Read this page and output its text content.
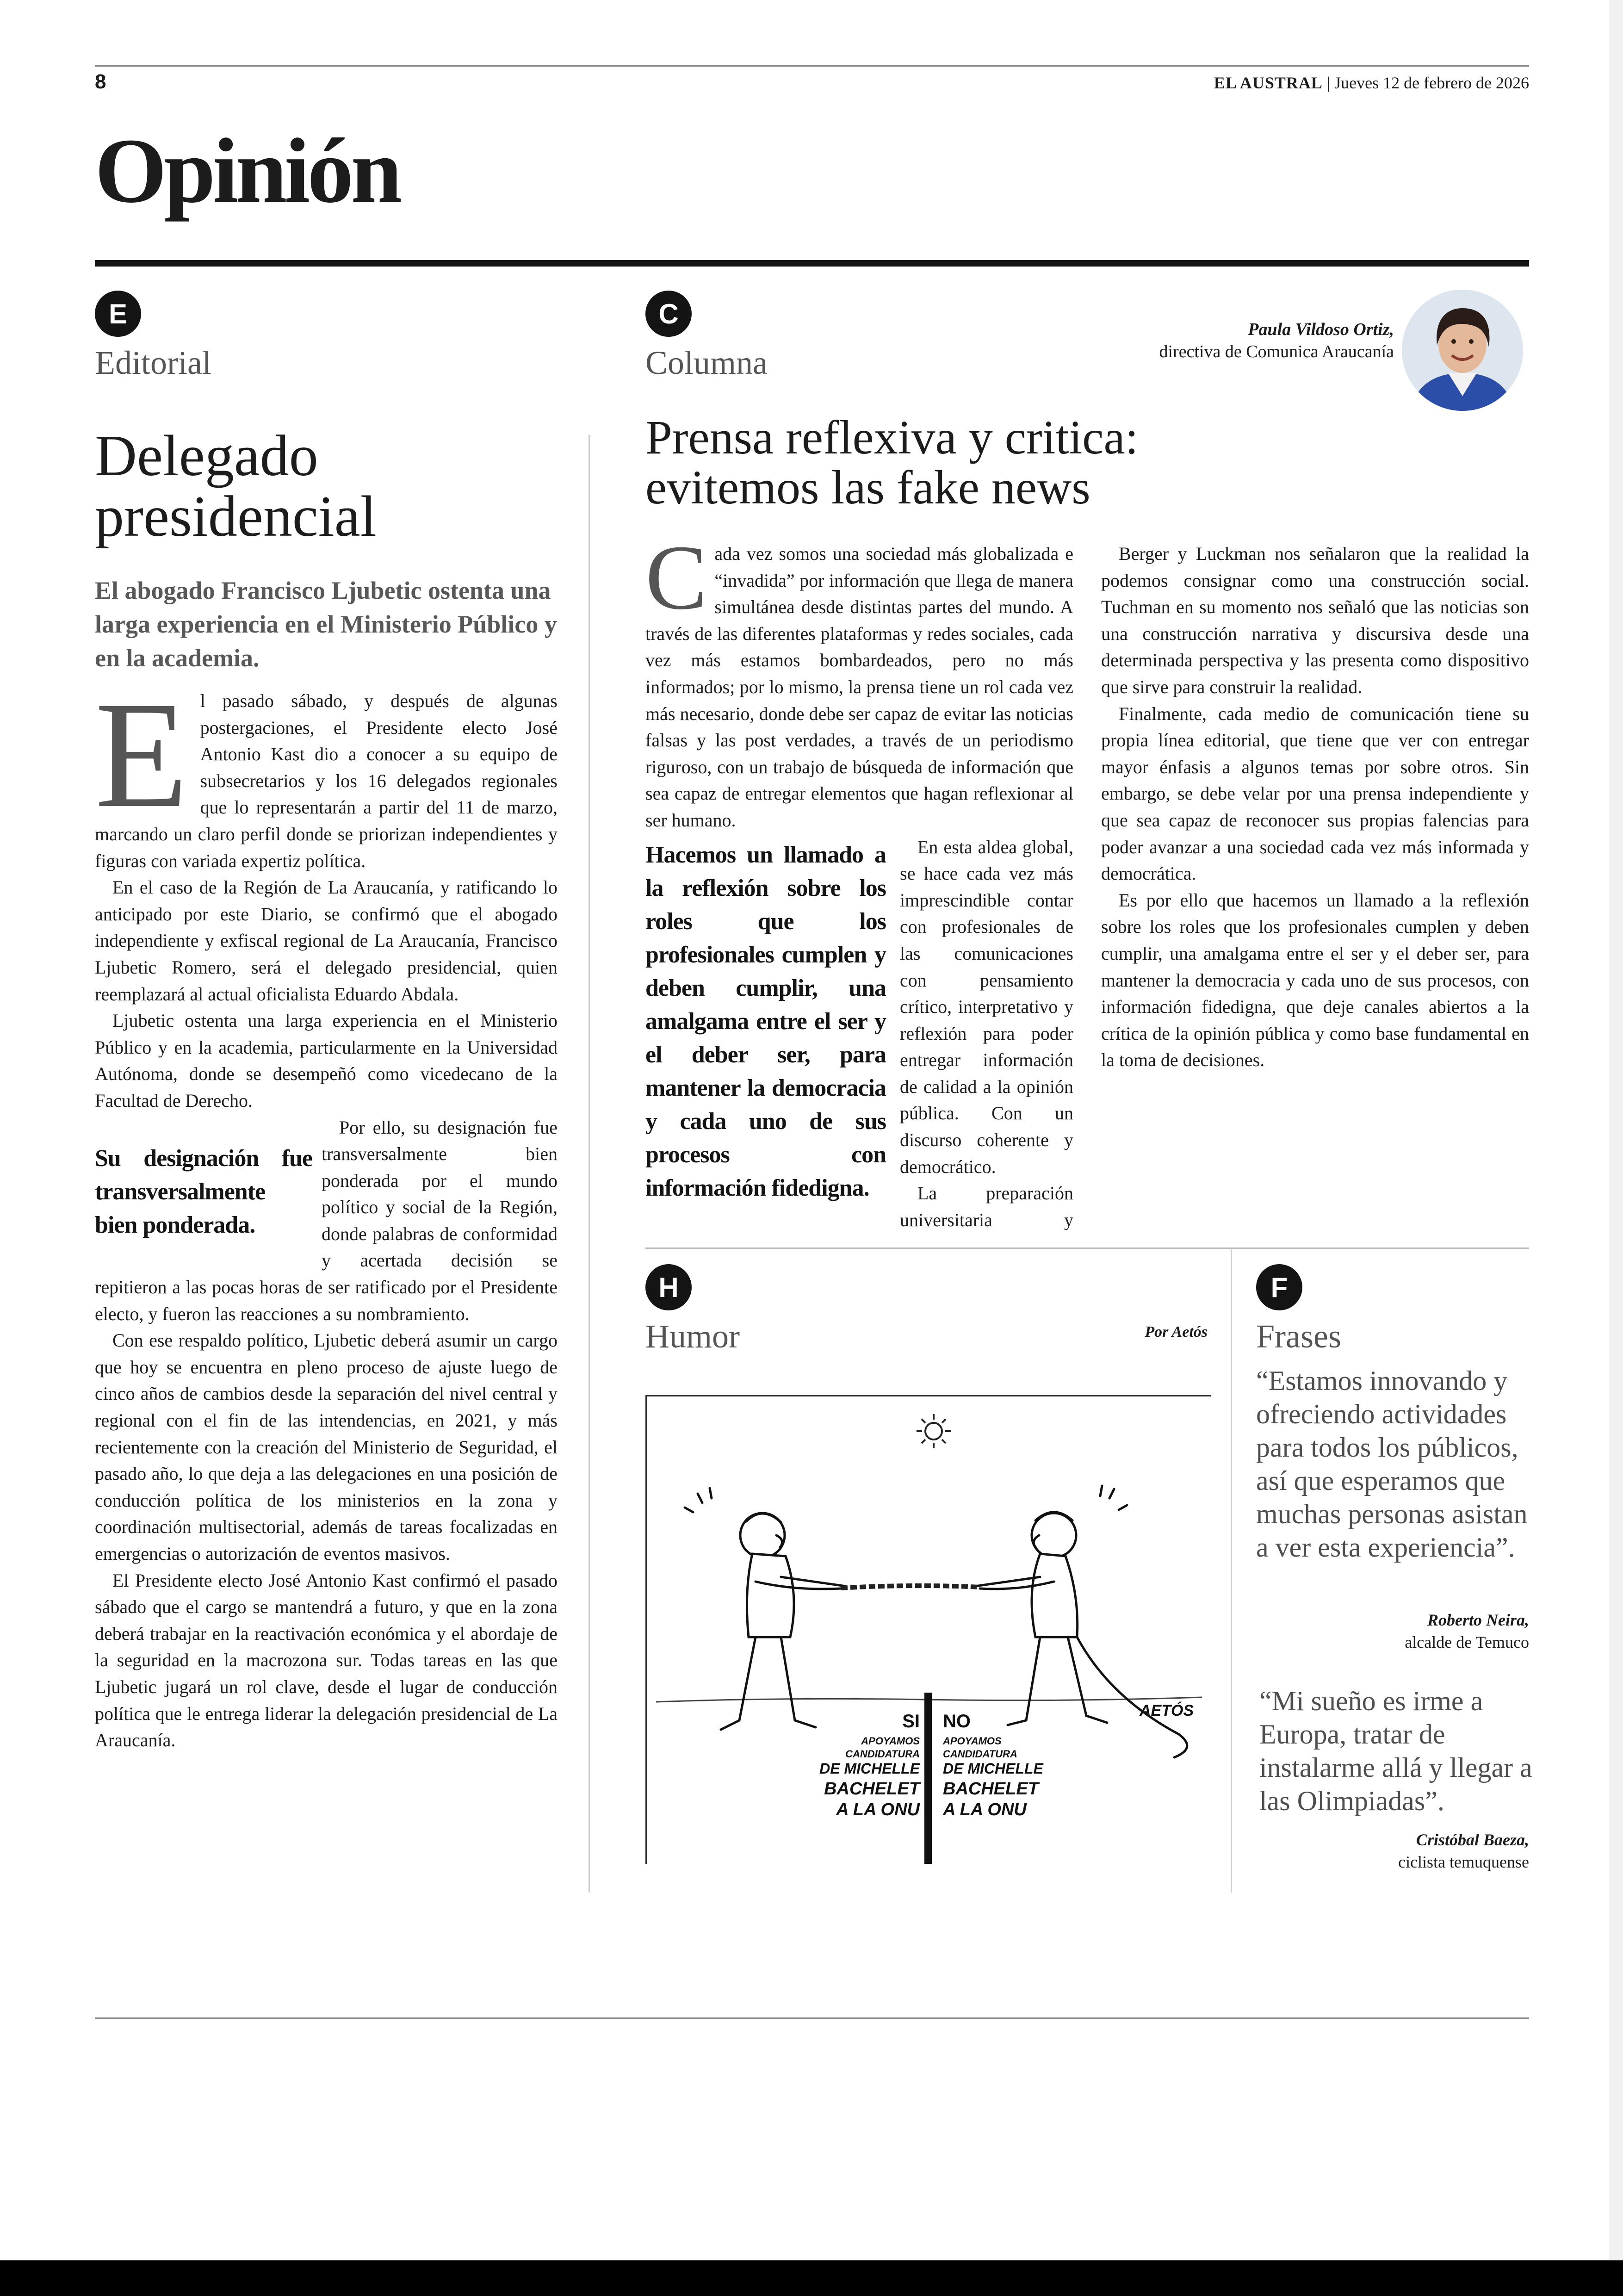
8	EL AUSTRAL | Jueves 12 de febrero de 2026
Opinión
E
Editorial
Delegado
presidencial
El abogado Francisco Ljubetic ostenta una larga experiencia en el Ministerio Público y en la academia.

El pasado sábado, y después de algunas postergaciones, el Presidente electo José Antonio Kast dio a conocer a su equipo de subsecretarios y los 16 delegados regionales que lo representarán a partir del 11 de marzo, marcando un claro perfil donde se priorizan independientes y figuras con variada expertiz política.

En el caso de la Región de La Araucanía, y ratificando lo anticipado por este Diario, se confirmó que el abogado independiente y exfiscal regional de La Araucanía, Francisco Ljubetic Romero, será el delegado presidencial, quien reemplazará al actual oficialista Eduardo Abdala.

Ljubetic ostenta una larga experiencia en el Ministerio Público y en la academia, particularmente en la Universidad Autónoma, donde se desempeñó como vicedecano de la Facultad de Derecho.

Su designación fue transversalmente bien ponderada.

Por ello, su designación fue transversalmente bien ponderada por el mundo político y social de la Región, donde palabras de conformidad y acertada decisión se repitieron a las pocas horas de ser ratificado por el Presidente electo, y fueron las reacciones a su nombramiento.

Con ese respaldo político, Ljubetic deberá asumir un cargo que hoy se encuentra en pleno proceso de ajuste luego de cinco años de cambios desde la separación del nivel central y regional con el fin de las intendencias, en 2021, y más recientemente con la creación del Ministerio de Seguridad, el pasado año, lo que deja a las delegaciones en una posición de conducción política de los ministerios en la zona y coordinación multisectorial, además de tareas focalizadas en emergencias o autorización de eventos masivos.

El Presidente electo José Antonio Kast confirmó el pasado sábado que el cargo se mantendrá a futuro, y que en la zona deberá trabajar en la reactivación económica y el abordaje de la seguridad en la macrozona sur. Todas tareas en las que Ljubetic jugará un rol clave, desde el lugar de conducción política que le entrega liderar la delegación presidencial de La Araucanía.

C
Columna
Paula Vildoso Ortiz,
directiva de Comunica Araucanía
Prensa reflexiva y critica:
evitemos las fake news

Cada vez somos una sociedad más globalizada e “invadida” por información que llega de manera simultánea desde distintas partes del mundo. A través de las diferentes plataformas y redes sociales, cada vez más estamos bombardeados, pero no más informados; por lo mismo, la prensa tiene un rol cada vez más necesario, donde debe ser capaz de evitar las noticias falsas y las post verdades, a través de un periodismo riguroso, con un trabajo de búsqueda de información que sea capaz de entregar elementos que hagan reflexionar al ser humano.

Hacemos un llamado a la reflexión sobre los roles que los profesionales cumplen y deben cumplir, una amalgama entre el ser y el deber ser, para mantener la democracia y cada uno de sus procesos con información fidedigna.

En esta aldea global, se hace cada vez más imprescindible contar con profesionales de las comunicaciones con pensamiento crítico, interpretativo y reflexión para poder entregar información de calidad a la opinión pública. Con un discurso coherente y democrático.

La preparación universitaria y

Berger y Luckman nos señalaron que la realidad la podemos consignar como una construcción social. Tuchman en su momento nos señaló que las noticias son una construcción narrativa y discursiva desde una determinada perspectiva y las presenta como dispositivo que sirve para construir la realidad.

Finalmente, cada medio de comunicación tiene su propia línea editorial, que tiene que ver con entregar mayor énfasis a algunos temas por sobre otros. Sin embargo, se debe velar por una prensa independiente y que sea capaz de reconocer sus propias falencias para poder avanzar a una sociedad cada vez más informada y democrática.

Es por ello que hacemos un llamado a la reflexión sobre los roles que los profesionales cumplen y deben cumplir, una amalgama entre el ser y el deber ser, para mantener la democracia y cada uno de sus procesos, con información fidedigna, que deje canales abiertos a la crítica de la opinión pública y como base fundamental en la toma de decisiones.

H
Humor	Por Aetós
SI
APOYAMOS
CANDIDATURA
DE MICHELLE
BACHELET
A LA ONU
NO
APOYAMOS
CANDIDATURA
DE MICHELLE
BACHELET
A LA ONU
AETÓS
F
Frases
“Estamos innovando y ofreciendo actividades para todos los públicos, así que esperamos que muchas personas asistan a ver esta experiencia”.
Roberto Neira,
alcalde de Temuco
“Mi sueño es irme a Europa, tratar de instalarme allá y llegar a las Olimpiadas”.
Cristóbal Baeza,
ciclista temuquense
